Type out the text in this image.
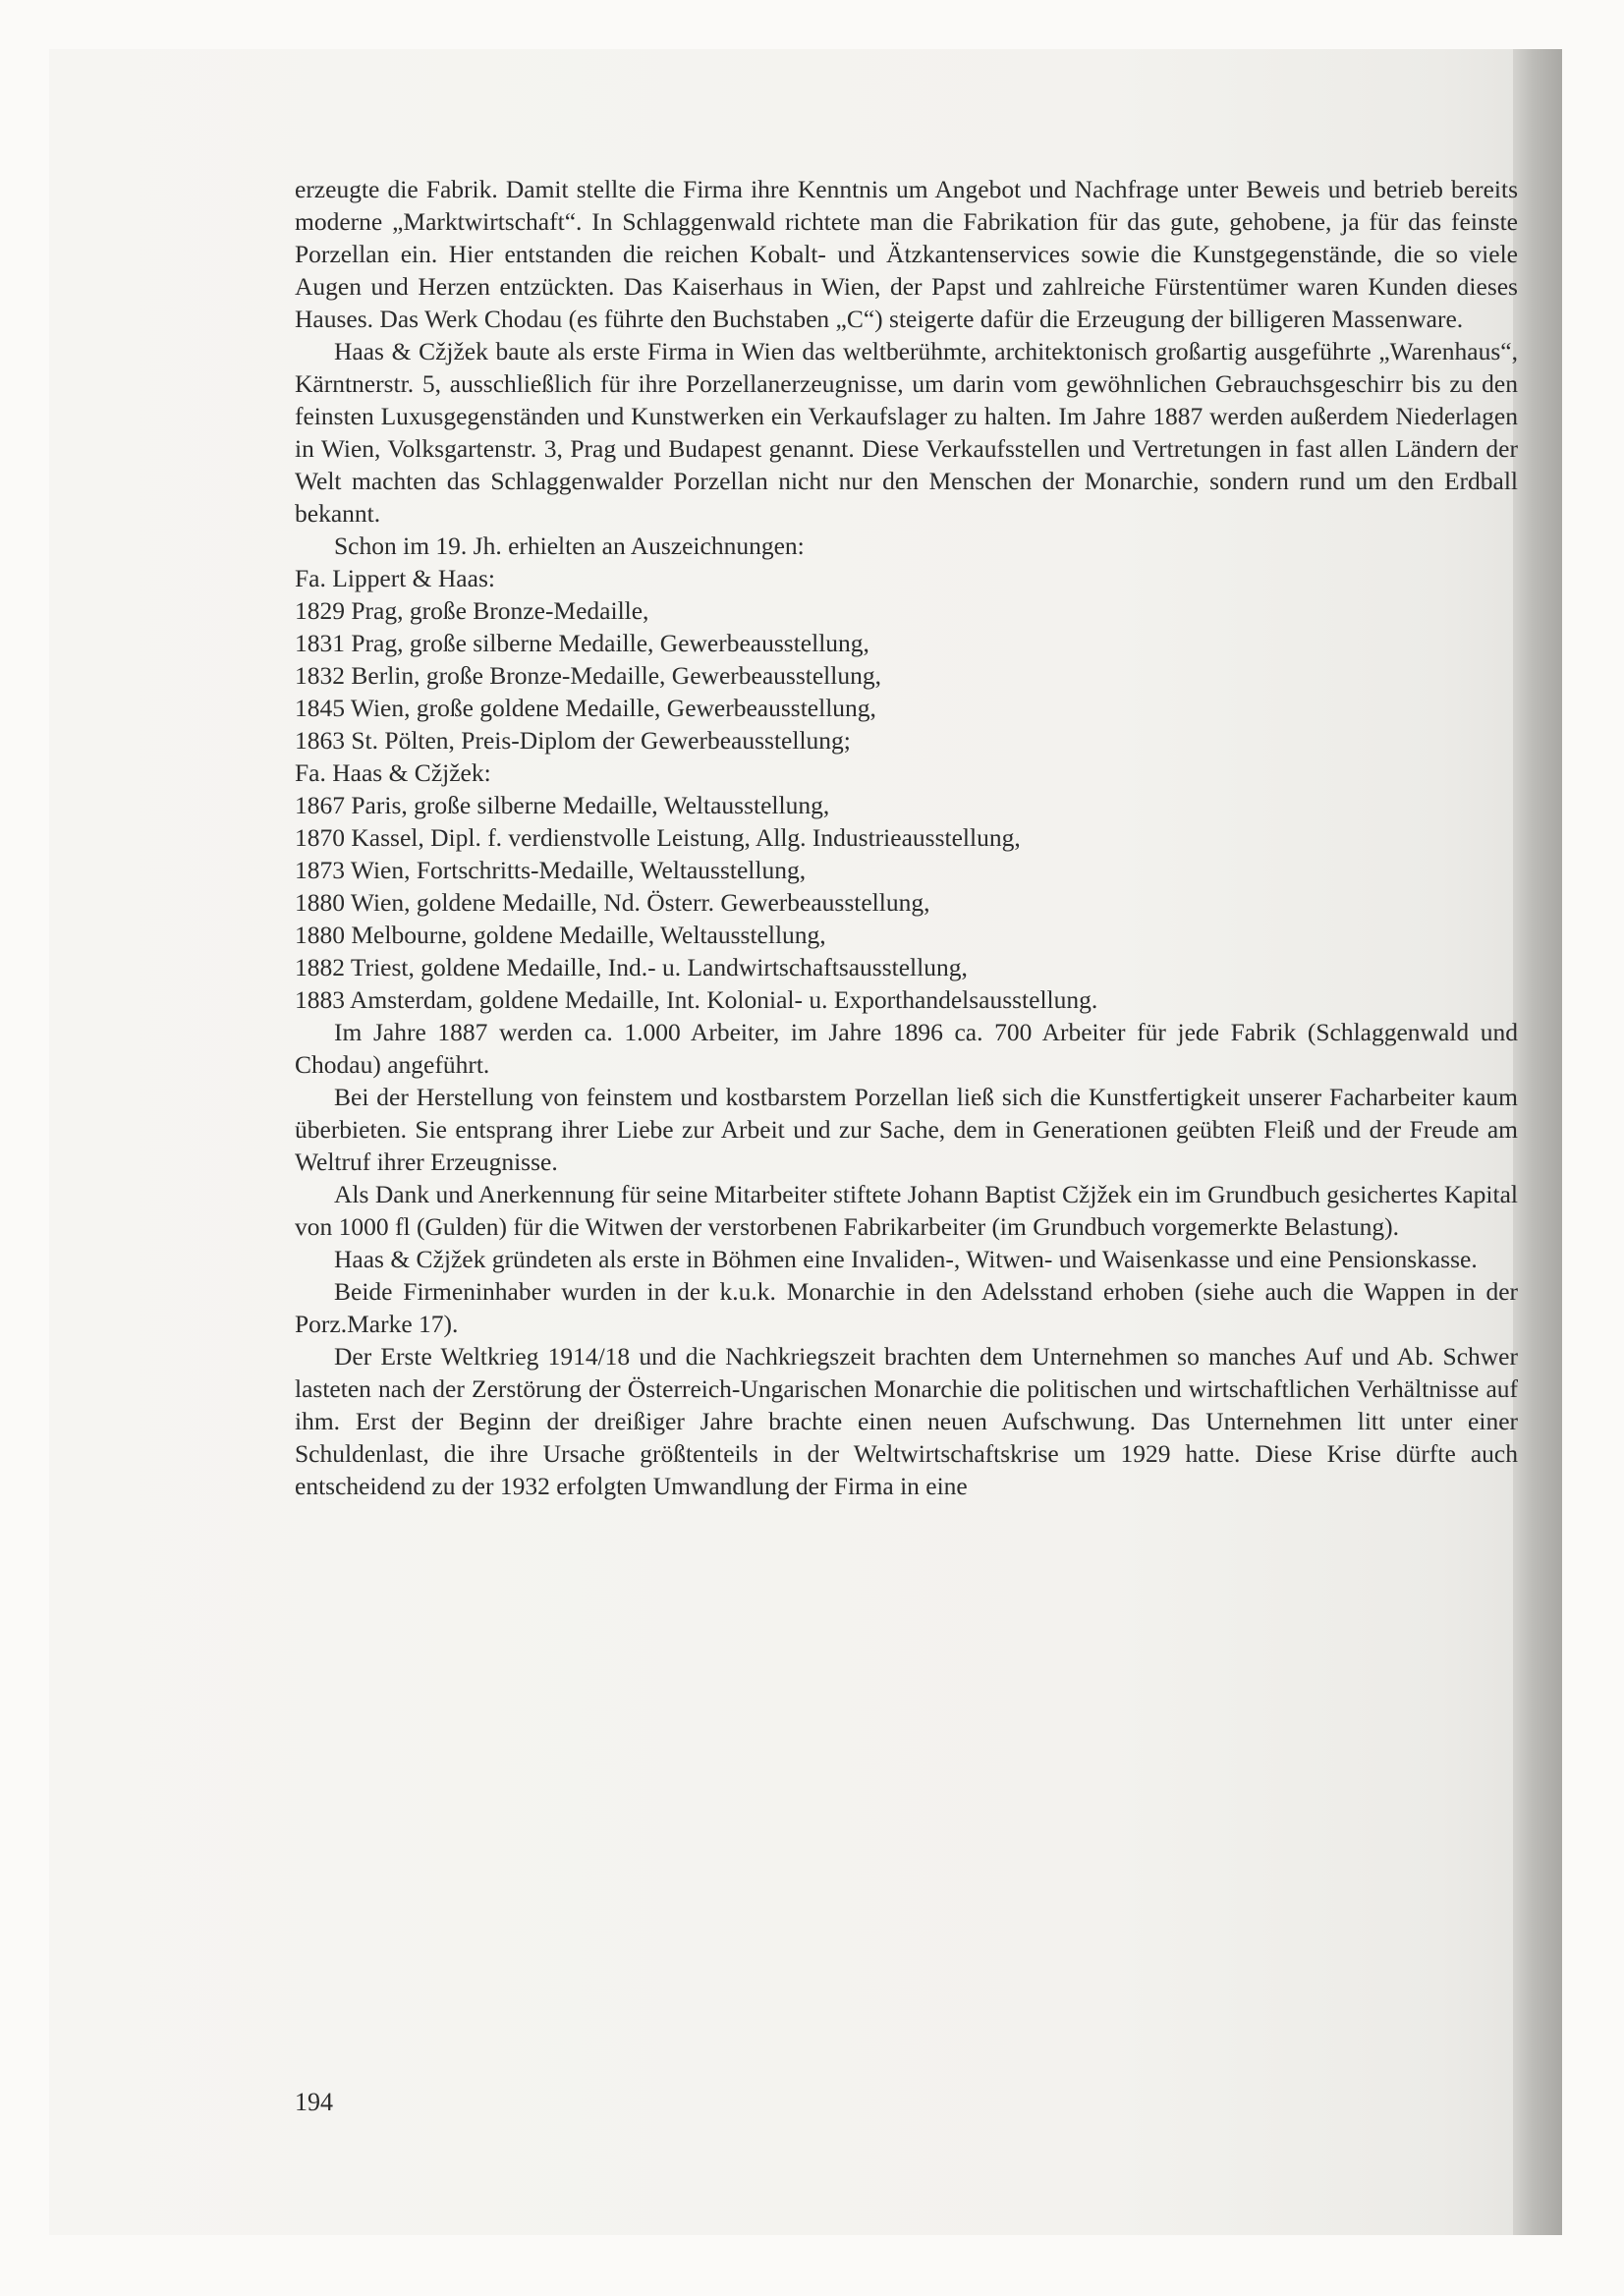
erzeugte die Fabrik. Damit stellte die Firma ihre Kenntnis um Angebot und Nachfrage unter Beweis und betrieb bereits moderne „Marktwirtschaft“. In Schlaggenwald richtete man die Fabrikation für das gute, gehobene, ja für das feinste Porzellan ein. Hier entstanden die reichen Kobalt- und Ätzkantenservices sowie die Kunstgegenstände, die so viele Augen und Herzen entzückten. Das Kaiserhaus in Wien, der Papst und zahlreiche Fürstentümer waren Kunden dieses Hauses. Das Werk Chodau (es führte den Buchstaben „C“) steigerte dafür die Erzeugung der billigeren Massenware.

Haas & Cžjžek baute als erste Firma in Wien das weltberühmte, architektonisch großartig ausgeführte „Warenhaus“, Kärntnerstr. 5, ausschließlich für ihre Porzellanerzeugnisse, um darin vom gewöhnlichen Gebrauchsgeschirr bis zu den feinsten Luxusgegenständen und Kunstwerken ein Verkaufslager zu halten. Im Jahre 1887 werden außerdem Niederlagen in Wien, Volksgartenstr. 3, Prag und Budapest genannt. Diese Verkaufsstellen und Vertretungen in fast allen Ländern der Welt machten das Schlaggenwalder Porzellan nicht nur den Menschen der Monarchie, sondern rund um den Erdball bekannt.

Schon im 19. Jh. erhielten an Auszeichnungen:

Fa. Lippert & Haas:

1829 Prag, große Bronze-Medaille,

1831 Prag, große silberne Medaille, Gewerbeausstellung,

1832 Berlin, große Bronze-Medaille, Gewerbeausstellung,

1845 Wien, große goldene Medaille, Gewerbeausstellung,

1863 St. Pölten, Preis-Diplom der Gewerbeausstellung;

Fa. Haas & Cžjžek:

1867 Paris, große silberne Medaille, Weltausstellung,

1870 Kassel, Dipl. f. verdienstvolle Leistung, Allg. Industrieausstellung,

1873 Wien, Fortschritts-Medaille, Weltausstellung,

1880 Wien, goldene Medaille, Nd. Österr. Gewerbeausstellung,

1880 Melbourne, goldene Medaille, Weltausstellung,

1882 Triest, goldene Medaille, Ind.- u. Landwirtschaftsausstellung,

1883 Amsterdam, goldene Medaille, Int. Kolonial- u. Exporthandelsausstellung.

Im Jahre 1887 werden ca. 1.000 Arbeiter, im Jahre 1896 ca. 700 Arbeiter für jede Fabrik (Schlaggenwald und Chodau) angeführt.

Bei der Herstellung von feinstem und kostbarstem Porzellan ließ sich die Kunstfertigkeit unserer Facharbeiter kaum überbieten. Sie entsprang ihrer Liebe zur Arbeit und zur Sache, dem in Generationen geübten Fleiß und der Freude am Weltruf ihrer Erzeugnisse.

Als Dank und Anerkennung für seine Mitarbeiter stiftete Johann Baptist Cžjžek ein im Grundbuch gesichertes Kapital von 1000 fl (Gulden) für die Witwen der verstorbenen Fabrikarbeiter (im Grundbuch vorgemerkte Belastung).

Haas & Cžjžek gründeten als erste in Böhmen eine Invaliden-, Witwen- und Waisenkasse und eine Pensionskasse.

Beide Firmeninhaber wurden in der k.u.k. Monarchie in den Adelsstand erhoben (siehe auch die Wappen in der Porz.Marke 17).

Der Erste Weltkrieg 1914/18 und die Nachkriegszeit brachten dem Unternehmen so manches Auf und Ab. Schwer lasteten nach der Zerstörung der Österreich-Ungarischen Monarchie die politischen und wirtschaftlichen Verhältnisse auf ihm. Erst der Beginn der dreißiger Jahre brachte einen neuen Aufschwung. Das Unternehmen litt unter einer Schuldenlast, die ihre Ursache größtenteils in der Weltwirtschaftskrise um 1929 hatte. Diese Krise dürfte auch entscheidend zu der 1932 erfolgten Umwandlung der Firma in eine

194
